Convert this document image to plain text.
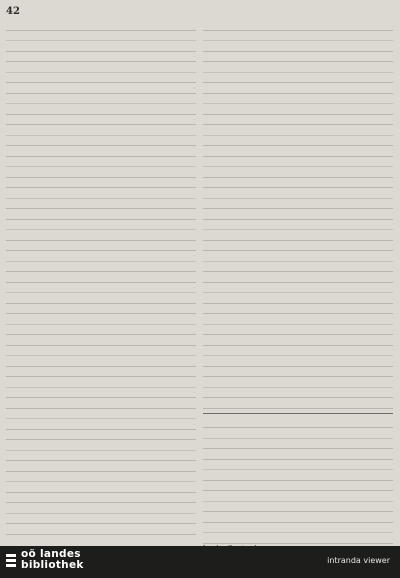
42
oö landes
bibliothek	intranda viewer
